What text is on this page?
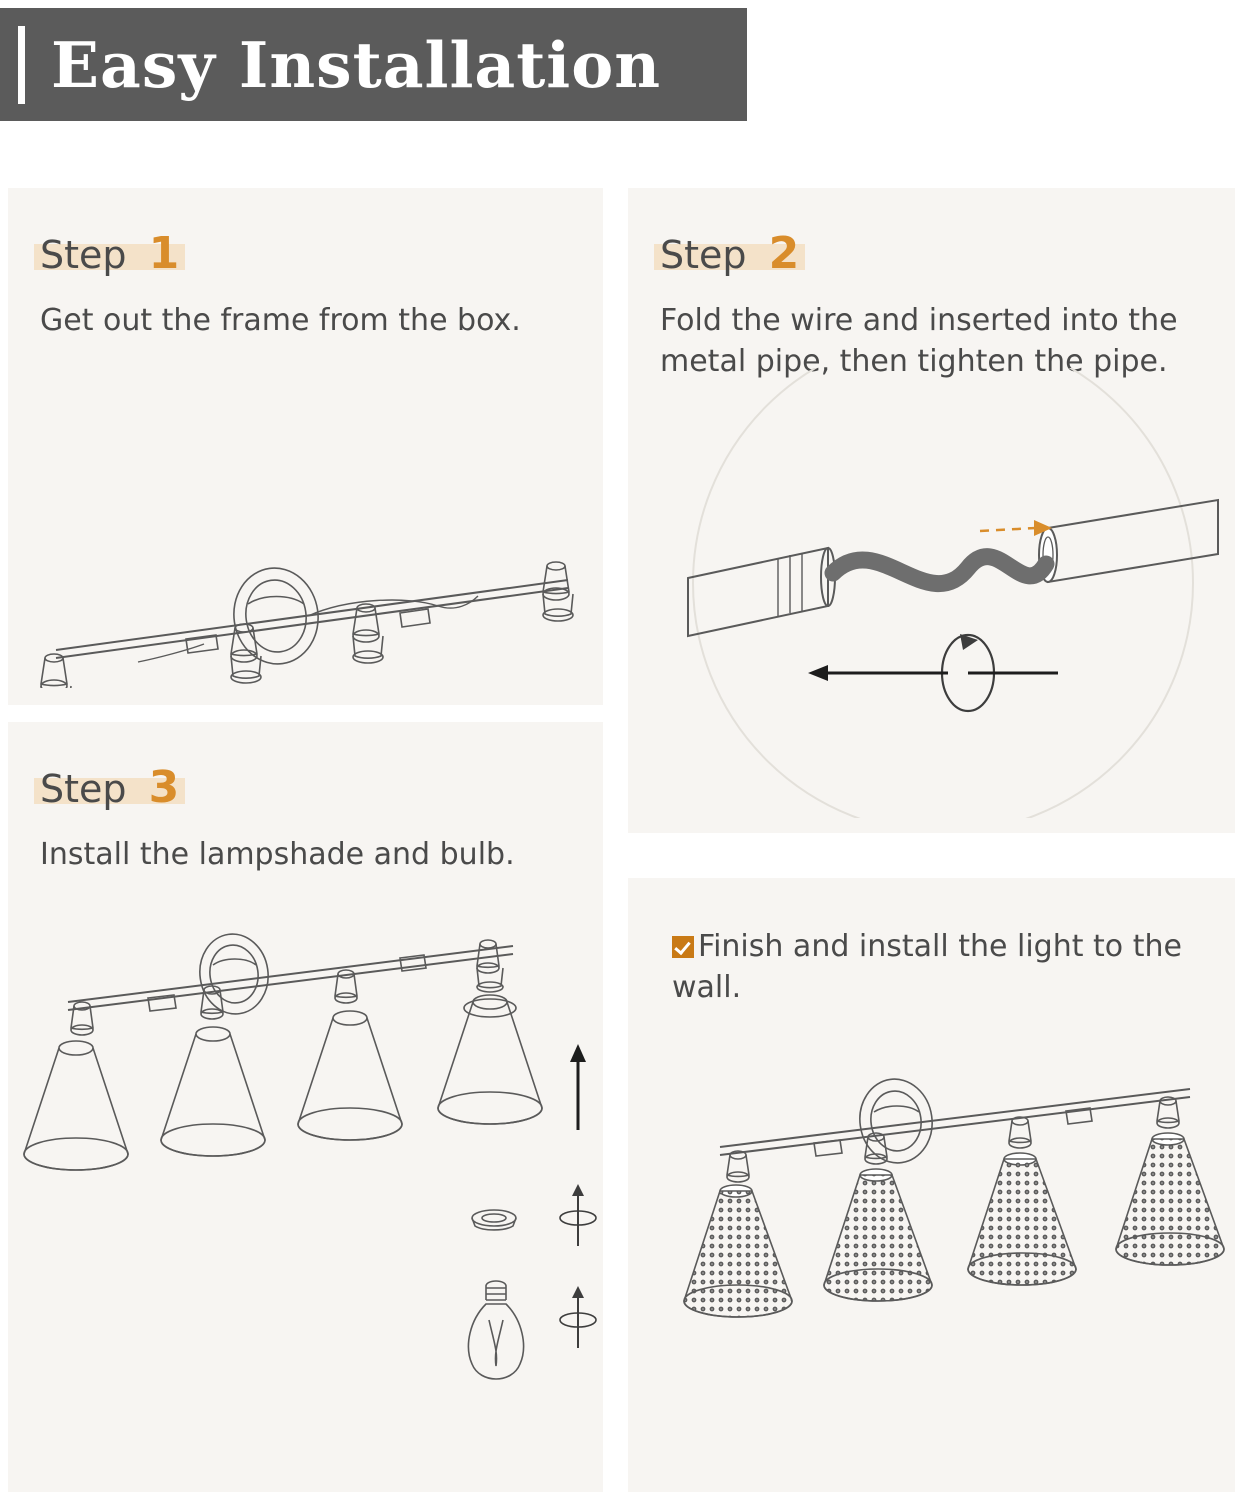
Easy Installation
Step 1
Get out the frame from the box.
Step 2
Fold the wire and inserted into the metal pipe, then tighten the pipe.
Step 3
Install the lampshade and bulb.
Finish and install the light to the wall.
